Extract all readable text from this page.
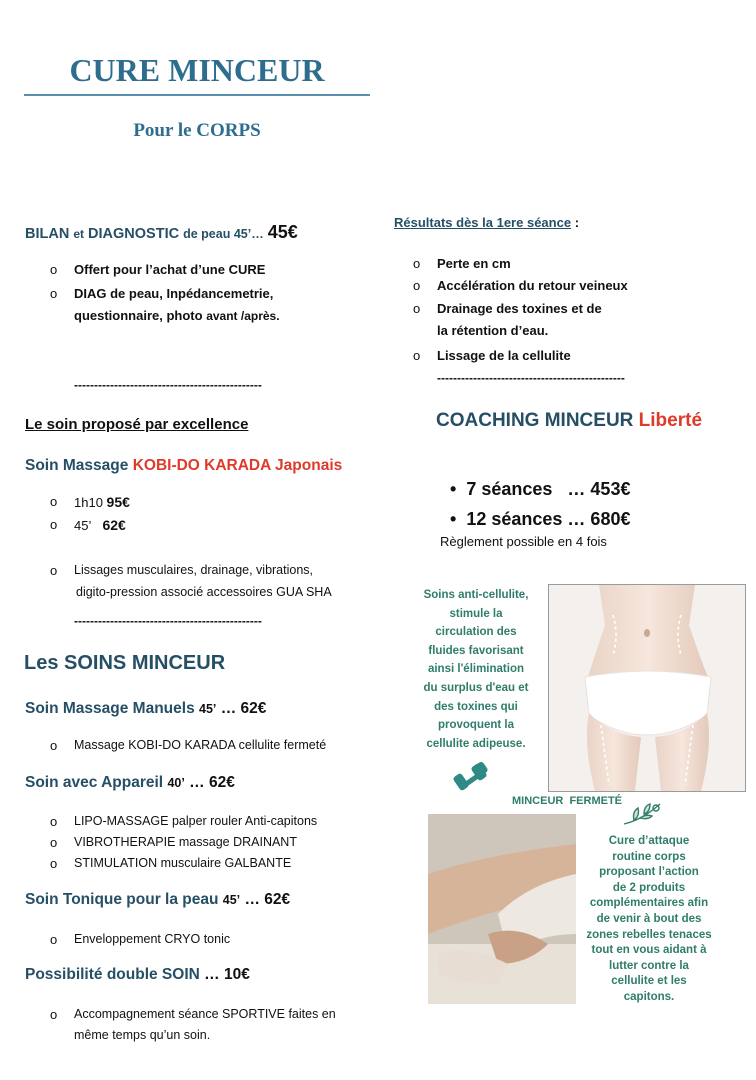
CURE MINCEUR
Pour le CORPS
BILAN et DIAGNOSTIC de peau 45’… 45€
o Offert pour l’achat d’une CURE
o DIAG de peau, Inpédancemetrie,
questionnaire, photo avant /après.
-----------------------------------------------
Le soin proposé par excellence
Soin Massage KOBI-DO KARADA Japonais
o 1h10 95€
o 45’ 62€
o Lissages musculaires, drainage, vibrations,
digito-pression associé accessoires GUA SHA
-----------------------------------------------
Les SOINS MINCEUR
Soin Massage Manuels 45’ … 62€
o Massage KOBI-DO KARADA cellulite fermeté
Soin avec Appareil 40’ … 62€
o LIPO-MASSAGE palper rouler Anti-capitons
o VIBROTHERAPIE massage DRAINANT
o STIMULATION musculaire GALBANTE
Soin Tonique pour la peau 45’ … 62€
o Enveloppement CRYO tonic
Possibilité double SOIN … 10€
o Accompagnement séance SPORTIVE faites en
même temps qu’un soin.
Résultats dès la 1ere séance :
o Perte en cm
o Accélération du retour veineux
o Drainage des toxines et de
la rétention d’eau.
o Lissage de la cellulite
-----------------------------------------------
COACHING MINCEUR Liberté

• 7 séances   … 453€

• 12 séances … 680€

Règlement possible en 4 fois
Soins anti-cellulite,
stimule la
circulation des
fluides favorisant
ainsi l'élimination
du surplus d'eau et
des toxines qui
provoquent la
cellulite adipeuse.
MINCEUR  FERMETÉ
Cure d’attaque
routine corps
proposant l’action
de 2 produits
complémentaires afin
de venir à bout des
zones rebelles tenaces
tout en vous aidant à
lutter contre la
cellulite et les
capitons.
